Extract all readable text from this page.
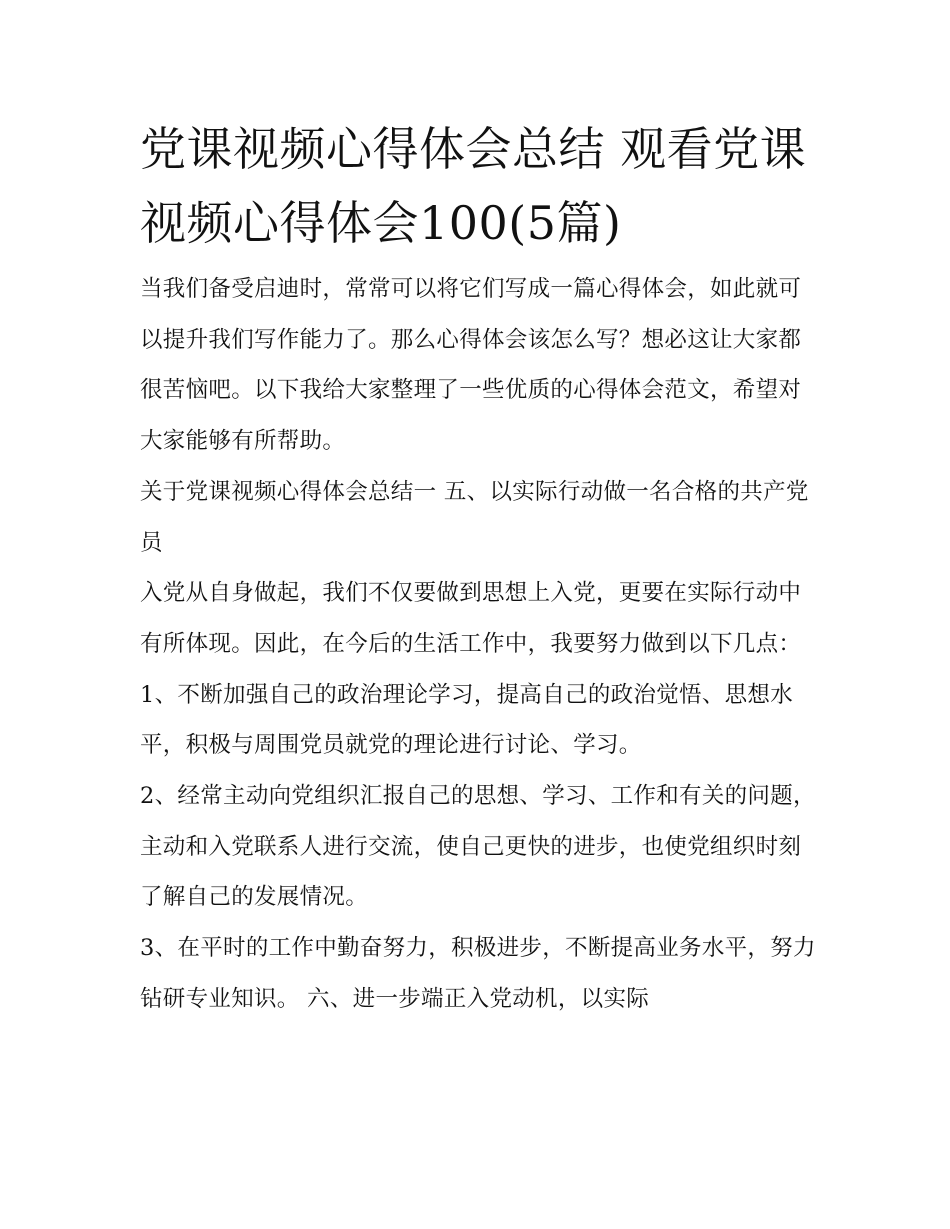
党课视频心得体会总结 观看党课视频心得体会100(5篇)

当我们备受启迪时，常常可以将它们写成一篇心得体会，如此就可以提升我们写作能力了。那么心得体会该怎么写？想必这让大家都很苦恼吧。以下我给大家整理了一些优质的心得体会范文，希望对大家能够有所帮助。

关于党课视频心得体会总结一 五、以实际行动做一名合格的共产党员

入党从自身做起，我们不仅要做到思想上入党，更要在实际行动中有所体现。因此，在今后的生活工作中，我要努力做到以下几点：

1、不断加强自己的政治理论学习，提高自己的政治觉悟、思想水平，积极与周围党员就党的理论进行讨论、学习。

2、经常主动向党组织汇报自己的思想、学习、工作和有关的问题，主动和入党联系人进行交流，使自己更快的进步，也使党组织时刻了解自己的发展情况。

3、在平时的工作中勤奋努力，积极进步，不断提高业务水平，努力钻研专业知识。 六、进一步端正入党动机，以实际
